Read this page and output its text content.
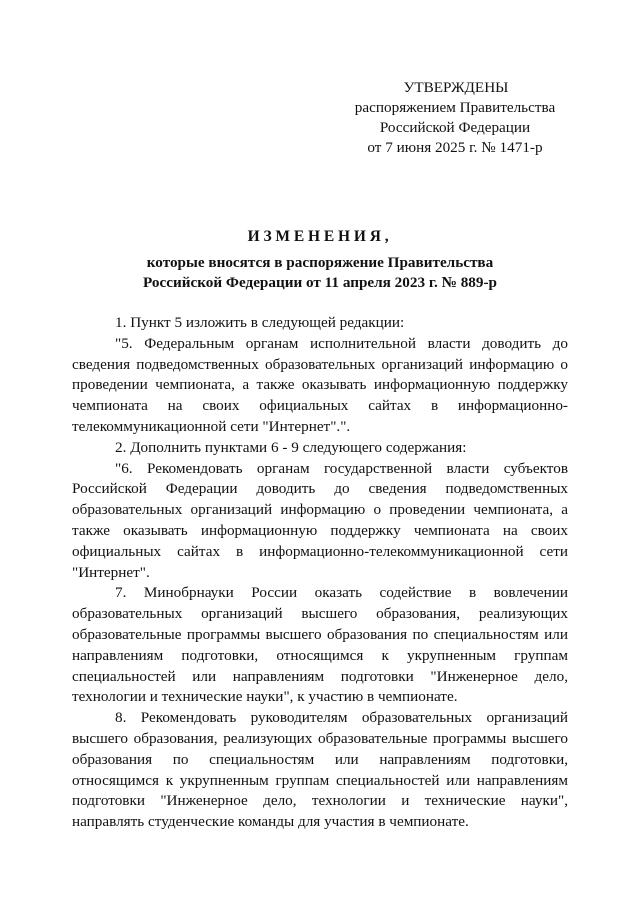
УТВЕРЖДЕНЫ
распоряжением Правительства
Российской Федерации
от 7 июня 2025 г. № 1471-р
ИЗМЕНЕНИЯ,
которые вносятся в распоряжение Правительства
Российской Федерации от 11 апреля 2023 г. № 889-р

1. Пункт 5 изложить в следующей редакции:

"5. Федеральным органам исполнительной власти доводить до сведения подведомственных образовательных организаций информацию о проведении чемпионата, а также оказывать информационную поддержку чемпионата на своих официальных сайтах в информационно-телекоммуникационной сети "Интернет".".

2. Дополнить пунктами 6 - 9 следующего содержания:

"6. Рекомендовать органам государственной власти субъектов Российской Федерации доводить до сведения подведомственных образовательных организаций информацию о проведении чемпионата, а также оказывать информационную поддержку чемпионата на своих официальных сайтах в информационно-телекоммуникационной сети "Интернет".

7. Минобрнауки России оказать содействие в вовлечении образовательных организаций высшего образования, реализующих образовательные программы высшего образования по специальностям или направлениям подготовки, относящимся к укрупненным группам специальностей или направлениям подготовки "Инженерное дело, технологии и технические науки", к участию в чемпионате.

8. Рекомендовать руководителям образовательных организаций высшего образования, реализующих образовательные программы высшего образования по специальностям или направлениям подготовки, относящимся к укрупненным группам специальностей или направлениям подготовки "Инженерное дело, технологии и технические науки", направлять студенческие команды для участия в чемпионате.
